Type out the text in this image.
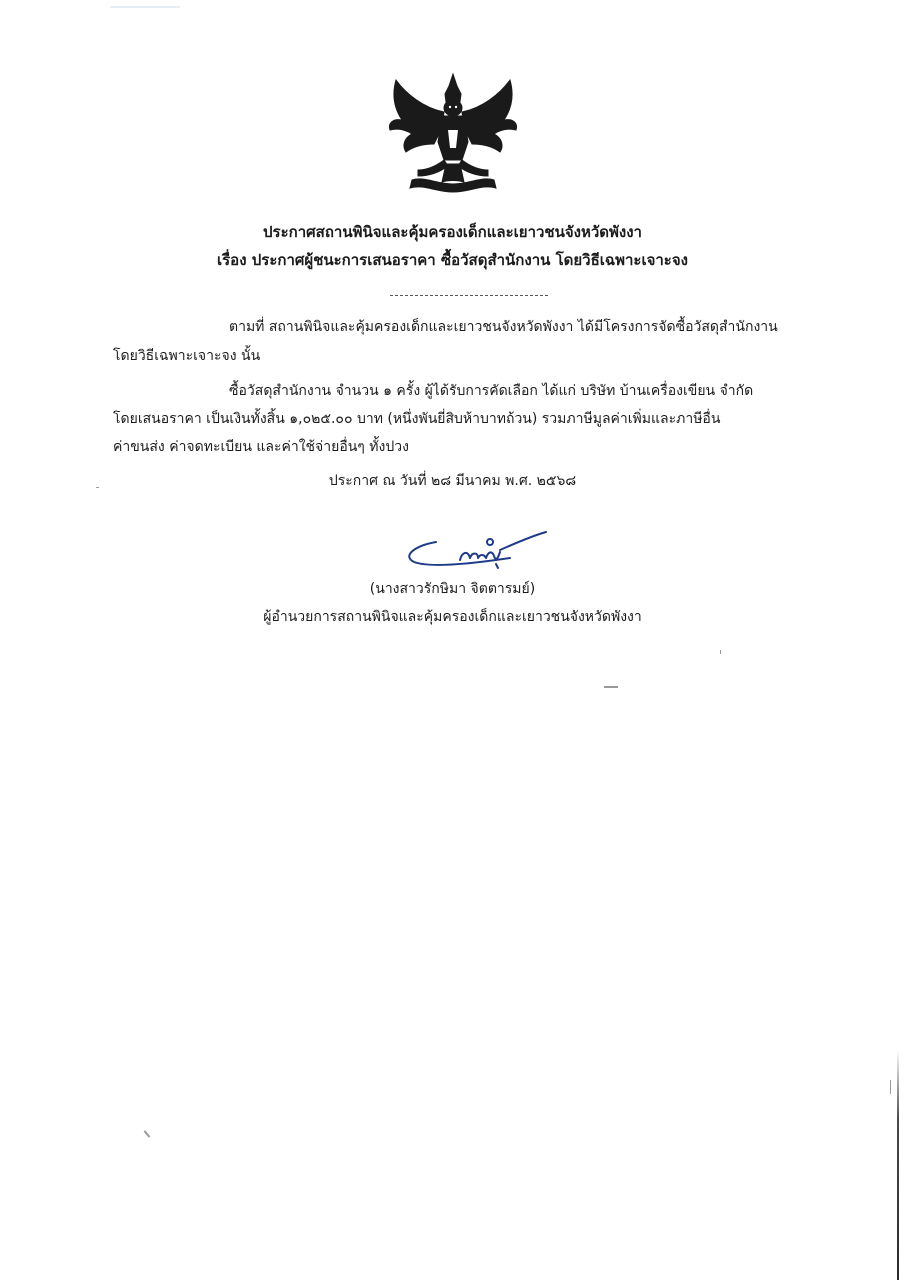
ประกาศสถานพินิจและคุ้มครองเด็กและเยาวชนจังหวัดพังงา
เรื่อง ประกาศผู้ชนะการเสนอราคา ซื้อวัสดุสำนักงาน โดยวิธีเฉพาะเจาะจง
ตามที่ สถานพินิจและคุ้มครองเด็กและเยาวชนจังหวัดพังงา ได้มีโครงการจัดซื้อวัสดุสำนักงาน
โดยวิธีเฉพาะเจาะจง นั้น
ซื้อวัสดุสำนักงาน จำนวน ๑ ครั้ง ผู้ได้รับการคัดเลือก ได้แก่ บริษัท บ้านเครื่องเขียน จำกัด
โดยเสนอราคา เป็นเงินทั้งสิ้น ๑,๐๒๕.๐๐ บาท (หนึ่งพันยี่สิบห้าบาทถ้วน) รวมภาษีมูลค่าเพิ่มและภาษีอื่น
ค่าขนส่ง ค่าจดทะเบียน และค่าใช้จ่ายอื่นๆ ทั้งปวง
ประกาศ ณ วันที่ ๒๘ มีนาคม พ.ศ. ๒๕๖๘
(นางสาวรักษิมา จิตตารมย์)
ผู้อำนวยการสถานพินิจและคุ้มครองเด็กและเยาวชนจังหวัดพังงา
